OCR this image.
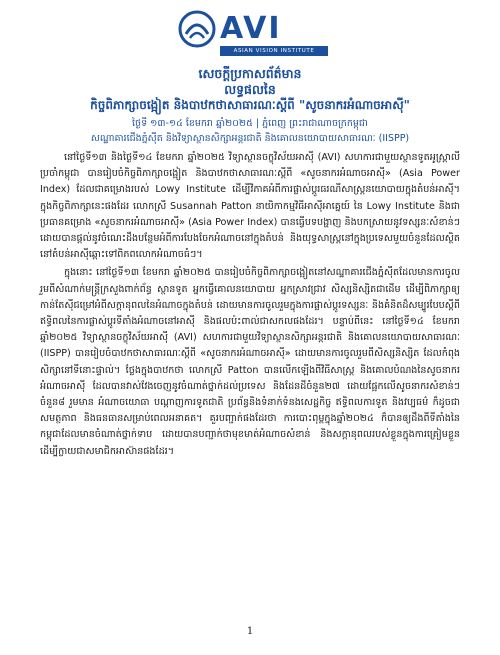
AVI
ASIAN VISION INSTITUTE
សេចក្តីប្រកាសព័ត៌មាន
លទ្ធផលនៃ
កិច្ចពិភាក្សាចង្អៀត និងបាឋកថាសាធារណៈស្តីពី "សូចនាករអំណាចអាស៊ី"
ថ្ងៃទី ១៣-១៤ ខែមករា ឆ្នាំ២០២៥ | ភ្នំពេញ ព្រះរាជាណាចក្រកម្ពុជា
សណ្ឋាគារជើងភ្នំស៊ីត និងវិទ្យាស្ថានសិក្សាអន្តរជាតិ និងគោលនយោបាយសាធារណៈ (IISPP)

នៅថ្ងៃទី១៣ និងថ្ងៃទី១៤ ខែមករា ឆ្នាំ២០២៥ វិទ្យាស្ថានចក្ខុវិស័យអាស៊ី (AVI) សហការជាមួយស្ថានទូតអូស្ត្រាលីប្រចាំកម្ពុជា បានរៀបចំកិច្ចពិភាក្សាចង្អៀត និងបាឋកថាសាធារណៈស្តីពី «សូចនាករអំណាចអាស៊ី» (Asia Power Index) ដែលជាគម្រោងរបស់ Lowy Institute ដើម្បីវិភាគអំពីការផ្លាស់ប្តូរធរណីសាស្ត្រនយោបាយក្នុងតំបន់អាស៊ី។ ក្នុងកិច្ចពិភាក្សានេះផងដែរ លោកស្រី Susannah Patton នាយិកាកម្មវិធីអាស៊ីអាគ្នេយ៍ នៃ Lowy Institute និងជាប្រធានគម្រោង «សូចនាករអំណាចអាស៊ី» (Asia Power Index) បានធ្វើបទបង្ហាញ និងបកស្រាយនូវទស្សនៈសំខាន់ៗ ដោយបានផ្តល់នូវចំណេះដឹងបន្ថែមអំពីការបែងចែកអំណាចនៅក្នុងតំបន់ និងយុទ្ធសាស្ត្រនៅក្នុងប្រទេសមួយចំនួនដែលស្ថិតនៅតំបន់អាស៊ីឆ្ពោះទៅពិភពលោកអំណាចធំៗ។

ក្នុងនោះ នៅថ្ងៃទី១៣ ខែមករា ឆ្នាំ២០២៥ បានរៀបចំកិច្ចពិភាក្សាចង្អៀតនៅសណ្ឋាគារជើងភ្នំស៊ីតដែលមានការចូលរួមពីសំណាក់មន្ត្រីក្រសួងពាក់ព័ន្ធ ស្ថានទូត អ្នកធ្វើគោលនយោបាយ អ្នកស្រាវជ្រាវ សិស្សនិស្សិតជាដើម ដើម្បីពិភាក្សាឲ្យកាន់តែស៊ីជម្រៅអំពីសក្តានុពលនៃអំណាចក្នុងតំបន់ ដោយមានការចូលរួមក្នុងការផ្លាស់ប្តូរទស្សនៈ និងគំនិតដ៏សម្បូរបែបស្តីពីឥទ្ធិពលនៃការផ្លាស់ប្តូរទីតាំងអំណាចនៅអាស៊ី និងផលប៉ះពាល់ជាសកលផងដែរ។ បន្ទាប់ពីនេះ នៅថ្ងៃទី១៤ ខែមករា ឆ្នាំ២០២៥ វិទ្យាស្ថានចក្ខុវិស័យអាស៊ី (AVI) សហការជាមួយវិទ្យាស្ថានសិក្សាអន្តរជាតិ និងគោលនយោបាយសាធារណៈ (IISPP) បានរៀបចំបាឋកថាសាធារណៈស្តីពី «សូចនាករអំណាចអាស៊ី» ដោយមានការចូលរួមពីសិស្សនិស្សិត ដែលកំពុងសិក្សានៅទីនោះផ្ទាល់។ ថ្លែងក្នុងបាឋកថា លោកស្រី Patton បានលើកឡើងពីវិធីសាស្ត្រ និងគោលបំណងនៃសូចនាករអំណាចអាស៊ី ដែលបានវាស់វែងចេញនូវចំណាត់ថ្នាក់ដល់ប្រទេស និងដែនដីចំនួន២៧ ដោយផ្អែកលើសូចនាករសំខាន់ៗចំនួន៨ រួមមាន អំណាចយោធា បណ្តាញការទូតជាតិ ប្រព័ន្ធនិងទំនាក់ទំនងសេដ្ឋកិច្ច ឥទ្ធិពលការទូត និងវប្បធម៌ ក៏ដូចជាសមត្ថភាព និងធនធានសម្រាប់ពេលអនាគត។ គួរបញ្ជាក់ផងដែរថា ការបោះពុម្ពក្នុងឆ្នាំ២០២៤ ក៏បានឲ្យដឹងពីទីតាំងនៃកម្ពុជាដែលមានចំណាត់ថ្នាក់ទាប ដោយបានបញ្ជាក់ថាមុខមាត់អំណាចសំខាន់ និងសក្តានុពលរបស់ខ្លួនក្នុងការត្រៀមខ្លួនដើម្បីក្លាយជាសមាជិកអាស៊ានផងដែរ។

1
